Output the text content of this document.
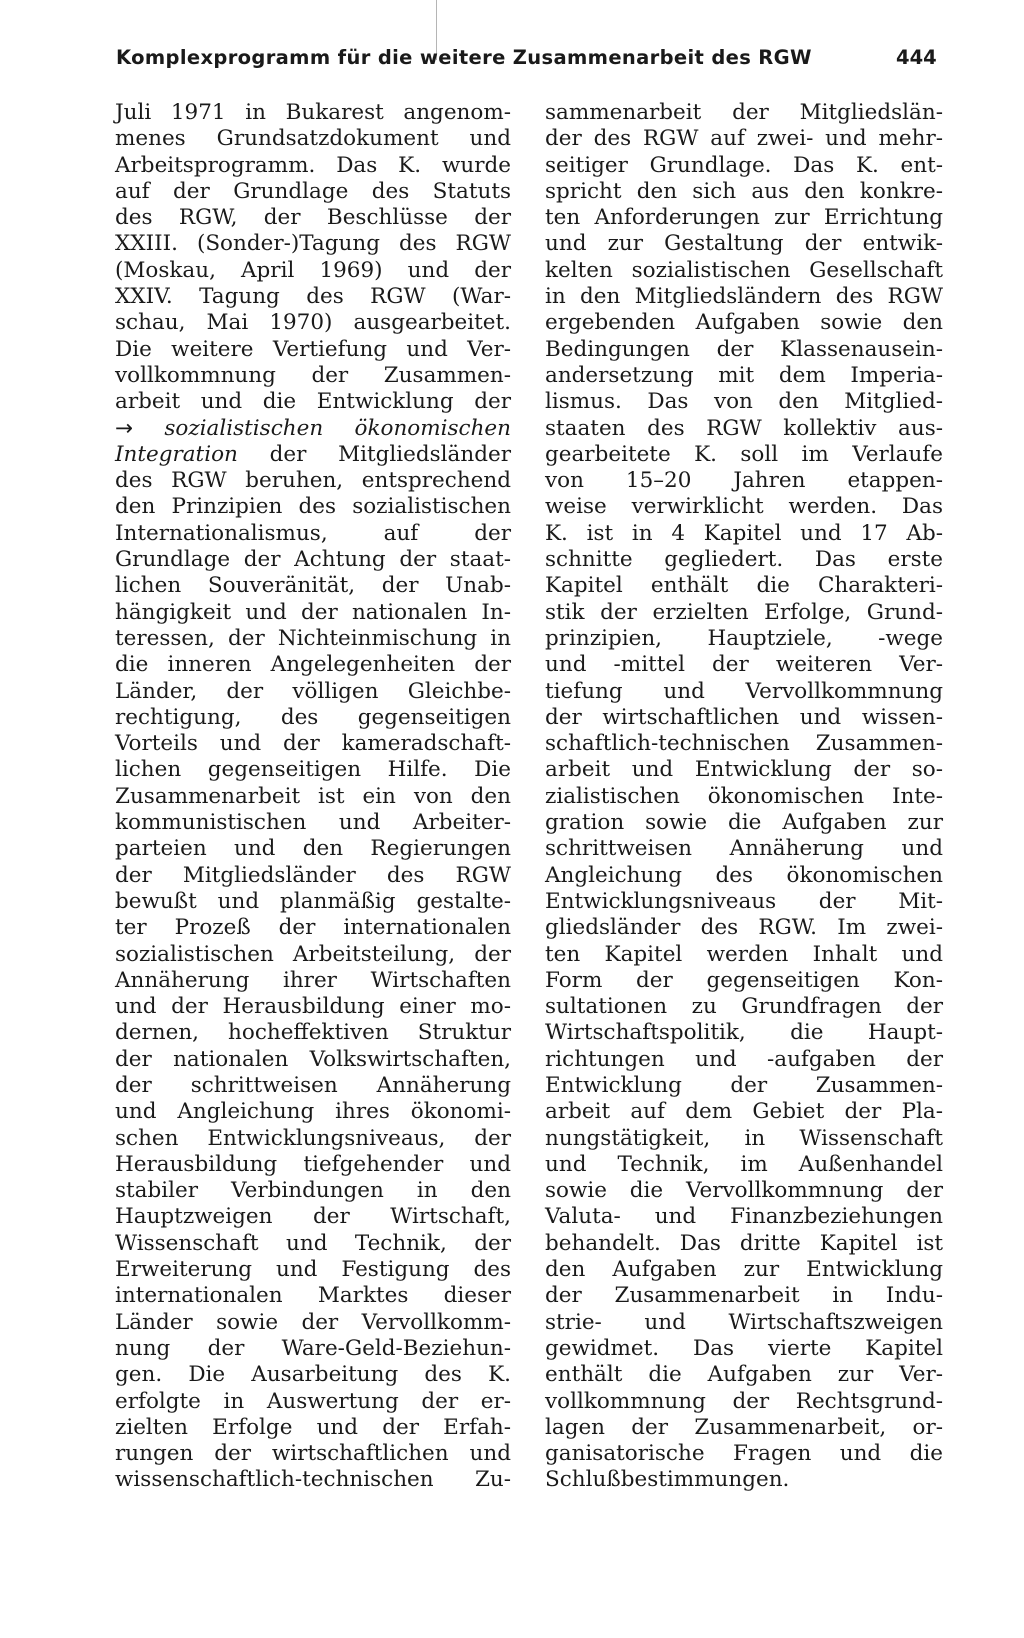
Komplexprogramm für die weitere Zusammenarbeit des RGW	444
Juli 1971 in Bukarest angenom-
menes Grundsatzdokument und
Arbeitsprogramm. Das K. wurde
auf der Grundlage des Statuts
des RGW, der Beschlüsse der
XXIII. (Sonder-)Tagung des RGW
(Moskau, April 1969) und der
XXIV. Tagung des RGW (War-
schau, Mai 1970) ausgearbeitet.
Die weitere Vertiefung und Ver-
vollkommnung der Zusammen-
arbeit und die Entwicklung der
→ sozialistischen ökonomischen
Integration der Mitgliedsländer
des RGW beruhen, entsprechend
den Prinzipien des sozialistischen
Internationalismus, auf der
Grundlage der Achtung der staat-
lichen Souveränität, der Unab-
hängigkeit und der nationalen In-
teressen, der Nichteinmischung in
die inneren Angelegenheiten der
Länder, der völligen Gleichbe-
rechtigung, des gegenseitigen
Vorteils und der kameradschaft-
lichen gegenseitigen Hilfe. Die
Zusammenarbeit ist ein von den
kommunistischen und Arbeiter-
parteien und den Regierungen
der Mitgliedsländer des RGW
bewußt und planmäßig gestalte-
ter Prozeß der internationalen
sozialistischen Arbeitsteilung, der
Annäherung ihrer Wirtschaften
und der Herausbildung einer mo-
dernen, hocheffektiven Struktur
der nationalen Volkswirtschaften,
der schrittweisen Annäherung
und Angleichung ihres ökonomi-
schen Entwicklungsniveaus, der
Herausbildung tiefgehender und
stabiler Verbindungen in den
Hauptzweigen der Wirtschaft,
Wissenschaft und Technik, der
Erweiterung und Festigung des
internationalen Marktes dieser
Länder sowie der Vervollkomm-
nung der Ware-Geld-Beziehun-
gen. Die Ausarbeitung des K.
erfolgte in Auswertung der er-
zielten Erfolge und der Erfah-
rungen der wirtschaftlichen und
wissenschaftlich-technischen Zu-
sammenarbeit der Mitgliedslän-
der des RGW auf zwei- und mehr-
seitiger Grundlage. Das K. ent-
spricht den sich aus den konkre-
ten Anforderungen zur Errichtung
und zur Gestaltung der entwik-
kelten sozialistischen Gesellschaft
in den Mitgliedsländern des RGW
ergebenden Aufgaben sowie den
Bedingungen der Klassenausein-
andersetzung mit dem Imperia-
lismus. Das von den Mitglied-
staaten des RGW kollektiv aus-
gearbeitete K. soll im Verlaufe
von 15–20 Jahren etappen-
weise verwirklicht werden. Das
K. ist in 4 Kapitel und 17 Ab-
schnitte gegliedert. Das erste
Kapitel enthält die Charakteri-
stik der erzielten Erfolge, Grund-
prinzipien, Hauptziele, -wege
und -mittel der weiteren Ver-
tiefung und Vervollkommnung
der wirtschaftlichen und wissen-
schaftlich-technischen Zusammen-
arbeit und Entwicklung der so-
zialistischen ökonomischen Inte-
gration sowie die Aufgaben zur
schrittweisen Annäherung und
Angleichung des ökonomischen
Entwicklungsniveaus der Mit-
gliedsländer des RGW. Im zwei-
ten Kapitel werden Inhalt und
Form der gegenseitigen Kon-
sultationen zu Grundfragen der
Wirtschaftspolitik, die Haupt-
richtungen und -aufgaben der
Entwicklung der Zusammen-
arbeit auf dem Gebiet der Pla-
nungstätigkeit, in Wissenschaft
und Technik, im Außenhandel
sowie die Vervollkommnung der
Valuta- und Finanzbeziehungen
behandelt. Das dritte Kapitel ist
den Aufgaben zur Entwicklung
der Zusammenarbeit in Indu-
strie- und Wirtschaftszweigen
gewidmet. Das vierte Kapitel
enthält die Aufgaben zur Ver-
vollkommnung der Rechtsgrund-
lagen der Zusammenarbeit, or-
ganisatorische Fragen und die
Schlußbestimmungen.
